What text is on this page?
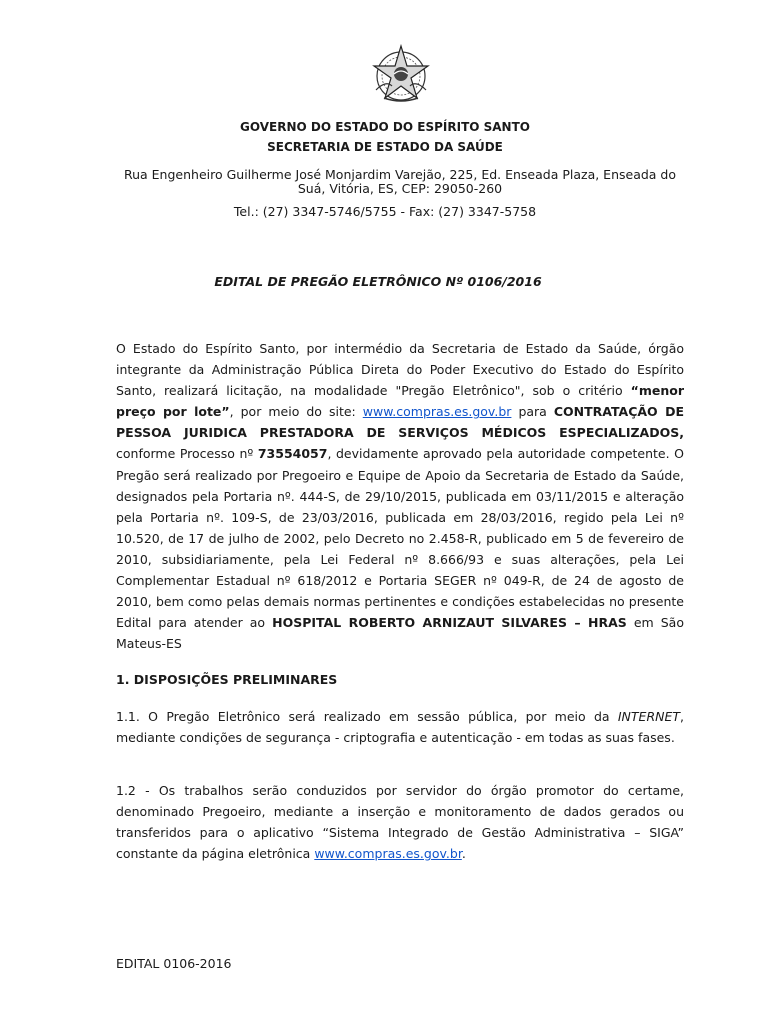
GOVERNO DO ESTADO DO ESPÍRITO SANTO
SECRETARIA DE ESTADO DA SAÚDE
Rua Engenheiro Guilherme José Monjardim Varejão, 225, Ed. Enseada Plaza, Enseada do Suá, Vitória, ES, CEP: 29050-260
Tel.: (27) 3347-5746/5755 - Fax: (27) 3347-5758
EDITAL DE PREGÃO ELETRÔNICO Nº 0106/2016

O Estado do Espírito Santo, por intermédio da Secretaria de Estado da Saúde, órgão integrante da Administração Pública Direta do Poder Executivo do Estado do Espírito Santo, realizará licitação, na modalidade "Pregão Eletrônico", sob o critério “menor preço por lote”, por meio do site: www.compras.es.gov.br para CONTRATAÇÃO DE PESSOA JURIDICA PRESTADORA DE SERVIÇOS MÉDICOS ESPECIALIZADOS, conforme Processo nº 73554057, devidamente aprovado pela autoridade competente. O Pregão será realizado por Pregoeiro e Equipe de Apoio da Secretaria de Estado da Saúde, designados pela Portaria nº. 444-S, de 29/10/2015, publicada em 03/11/2015 e alteração pela Portaria nº. 109-S, de 23/03/2016, publicada em 28/03/2016, regido pela Lei nº 10.520, de 17 de julho de 2002, pelo Decreto no 2.458-R, publicado em 5 de fevereiro de 2010, subsidiariamente, pela Lei Federal nº 8.666/93 e suas alterações, pela Lei Complementar Estadual nº 618/2012 e Portaria SEGER nº 049-R, de 24 de agosto de 2010, bem como pelas demais normas pertinentes e condições estabelecidas no presente Edital para atender ao HOSPITAL ROBERTO ARNIZAUT SILVARES – HRAS em São Mateus-ES

1. DISPOSIÇÕES PRELIMINARES

1.1. O Pregão Eletrônico será realizado em sessão pública, por meio da INTERNET, mediante condições de segurança - criptografia e autenticação - em todas as suas fases.

1.2 - Os trabalhos serão conduzidos por servidor do órgão promotor do certame, denominado Pregoeiro, mediante a inserção e monitoramento de dados gerados ou transferidos para o aplicativo “Sistema Integrado de Gestão Administrativa – SIGA” constante da página eletrônica www.compras.es.gov.br.

EDITAL 0106-2016
